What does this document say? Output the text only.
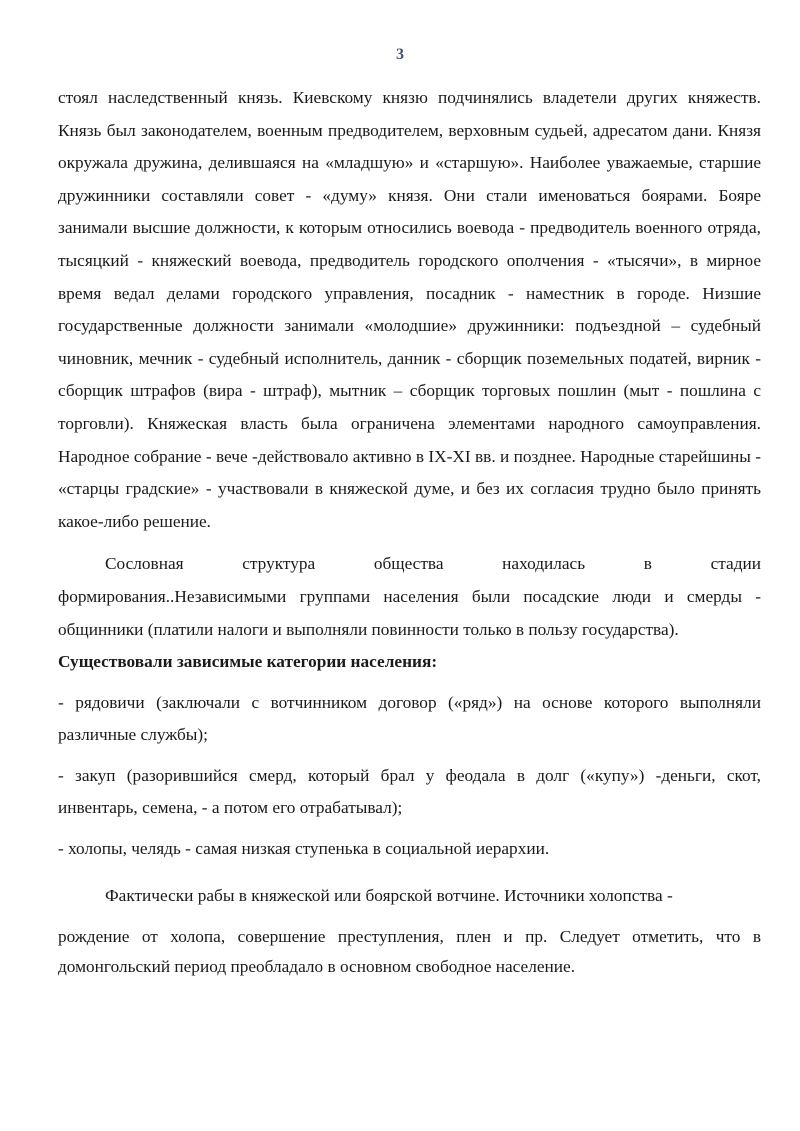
3

стоял наследственный князь. Киевскому князю подчинялись владетели других княжеств. Князь был законодателем, военным предводителем, верховным судьей, адресатом дани. Князя окружала дружина, делившаяся на «младшую» и «старшую». Наиболее уважаемые, старшие дружинники составляли совет - «думу» князя. Они стали именоваться боярами. Бояре занимали высшие должности, к которым относились воевода - предводитель военного отряда, тысяцкий - княжеский воевода, предводитель городского ополчения - «тысячи», в мирное время ведал делами городского управления, посадник - наместник в городе. Низшие государственные должности занимали «молодшие» дружинники: подъездной – судебный чиновник, мечник - судебный исполнитель, данник - сборщик поземельных податей, вирник - сборщик штрафов (вира - штраф), мытник – сборщик торговых пошлин (мыт - пошлина с торговли). Княжеская власть была ограничена элементами народного самоуправления. Народное собрание - вече -действовало активно в IX-XI вв. и позднее. Народные старейшины - «старцы градские» - участвовали в княжеской думе, и без их согласия трудно было принять какое-либо решение.

Сословная структура общества находилась в стадии
формирования..Независимыми группами населения были посадские люди и смерды - общинники (платили налоги и выполняли повинности только в пользу государства).

Существовали зависимые категории населения:

- рядовичи (заключали с вотчинником договор («ряд») на основе которого выполняли различные службы);

- закуп (разорившийся смерд, который брал у феодала в долг («купу») -деньги, скот, инвентарь, семена, - а потом его отрабатывал);

- холопы, челядь - самая низкая ступенька в социальной иерархии.

Фактически рабы в княжеской или боярской вотчине. Источники холопства -

рождение от холопа, совершение преступления, плен и пр. Следует отметить, что в домонгольский период преобладало в основном свободное население.
